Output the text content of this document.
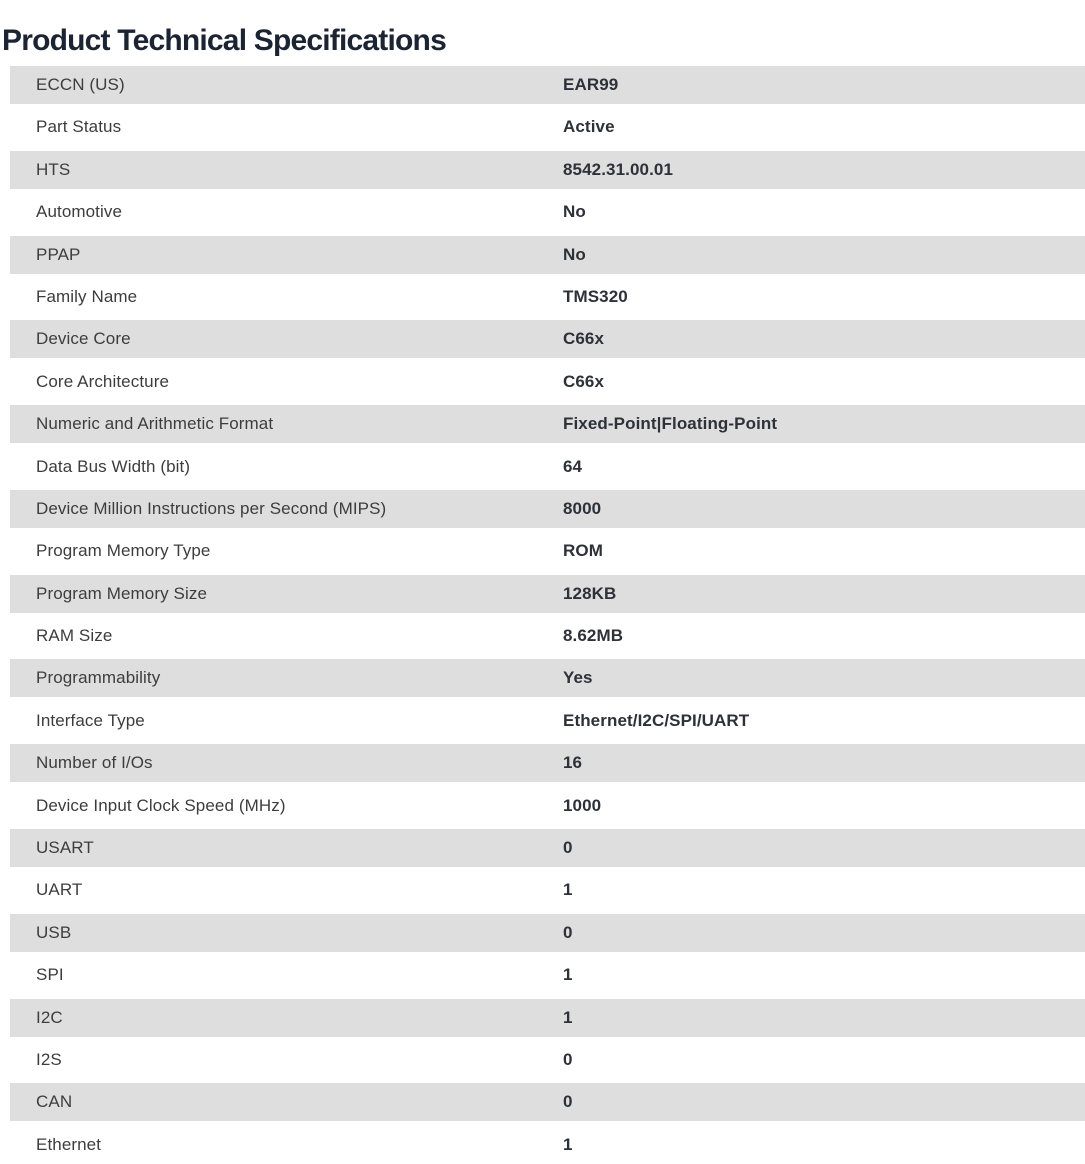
Product Technical Specifications
ECCN (US)	EAR99
Part Status	Active
HTS	8542.31.00.01
Automotive	No
PPAP	No
Family Name	TMS320
Device Core	C66x
Core Architecture	C66x
Numeric and Arithmetic Format	Fixed-Point|Floating-Point
Data Bus Width (bit)	64
Device Million Instructions per Second (MIPS)	8000
Program Memory Type	ROM
Program Memory Size	128KB
RAM Size	8.62MB
Programmability	Yes
Interface Type	Ethernet/I2C/SPI/UART
Number of I/Os	16
Device Input Clock Speed (MHz)	1000
USART	0
UART	1
USB	0
SPI	1
I2C	1
I2S	0
CAN	0
Ethernet	1
